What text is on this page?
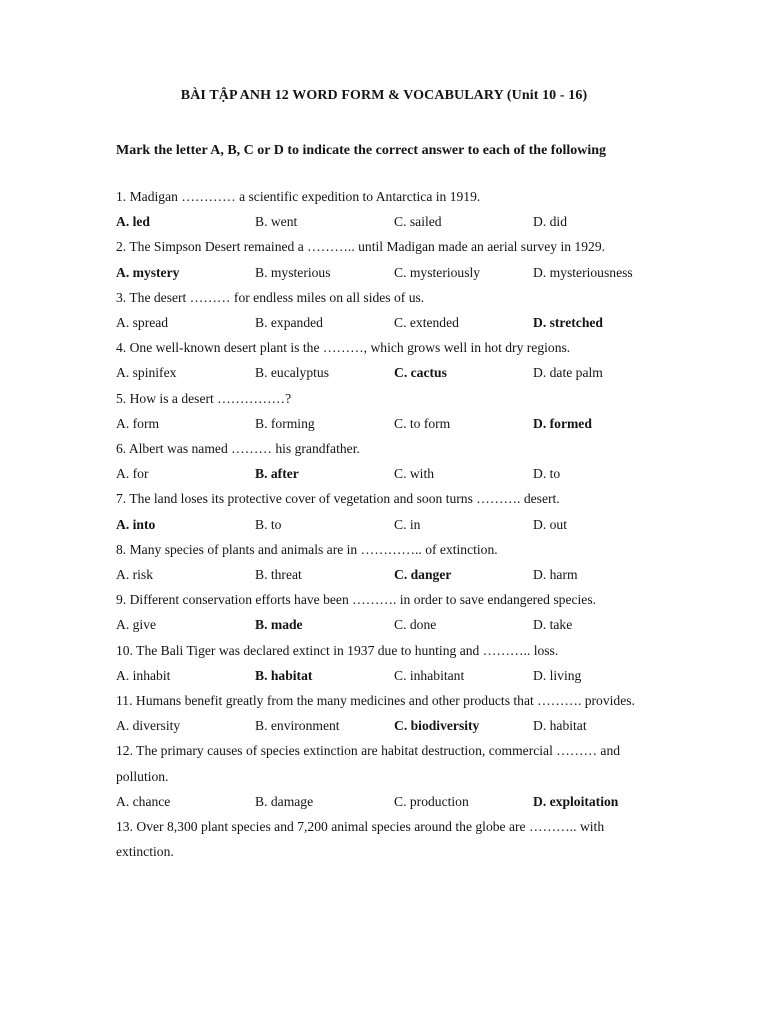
BÀI TẬP ANH 12 WORD FORM & VOCABULARY (Unit 10 - 16)
Mark the letter A, B, C or D to indicate the correct answer to each of the following
1. Madigan ………… a scientific expedition to Antarctica in 1919.
A. led	B. went	C. sailed	D. did
2. The Simpson Desert remained a ……….. until Madigan made an aerial survey in 1929.
A. mystery	B. mysterious	C. mysteriously	D. mysteriousness
3. The desert ……… for endless miles on all sides of us.
A. spread	B. expanded	C. extended	D. stretched
4. One well-known desert plant is the ………, which grows well in hot dry regions.
A. spinifex	B. eucalyptus	C. cactus	D. date palm
5. How is a desert ……………?
A. form	B. forming	C. to form	D. formed
6. Albert was named ……… his grandfather.
A. for	B. after	C. with	D. to
7. The land loses its protective cover of vegetation and soon turns ………. desert.
A. into	B. to	C. in	D. out
8. Many species of plants and animals are in ………….. of extinction.
A. risk	B. threat	C. danger	D. harm
9. Different conservation efforts have been ………. in order to save endangered species.
A. give	B. made	C. done	D. take
10. The Bali Tiger was declared extinct in 1937 due to hunting and ……….. loss.
A. inhabit	B. habitat	C. inhabitant	D. living
11. Humans benefit greatly from the many medicines and other products that ………. provides.
A. diversity	B. environment	C. biodiversity	D. habitat
12. The primary causes of species extinction are habitat destruction, commercial ……… and pollution.
A. chance	B. damage	C. production	D. exploitation
13. Over 8,300 plant species and 7,200 animal species around the globe are ……….. with extinction.
